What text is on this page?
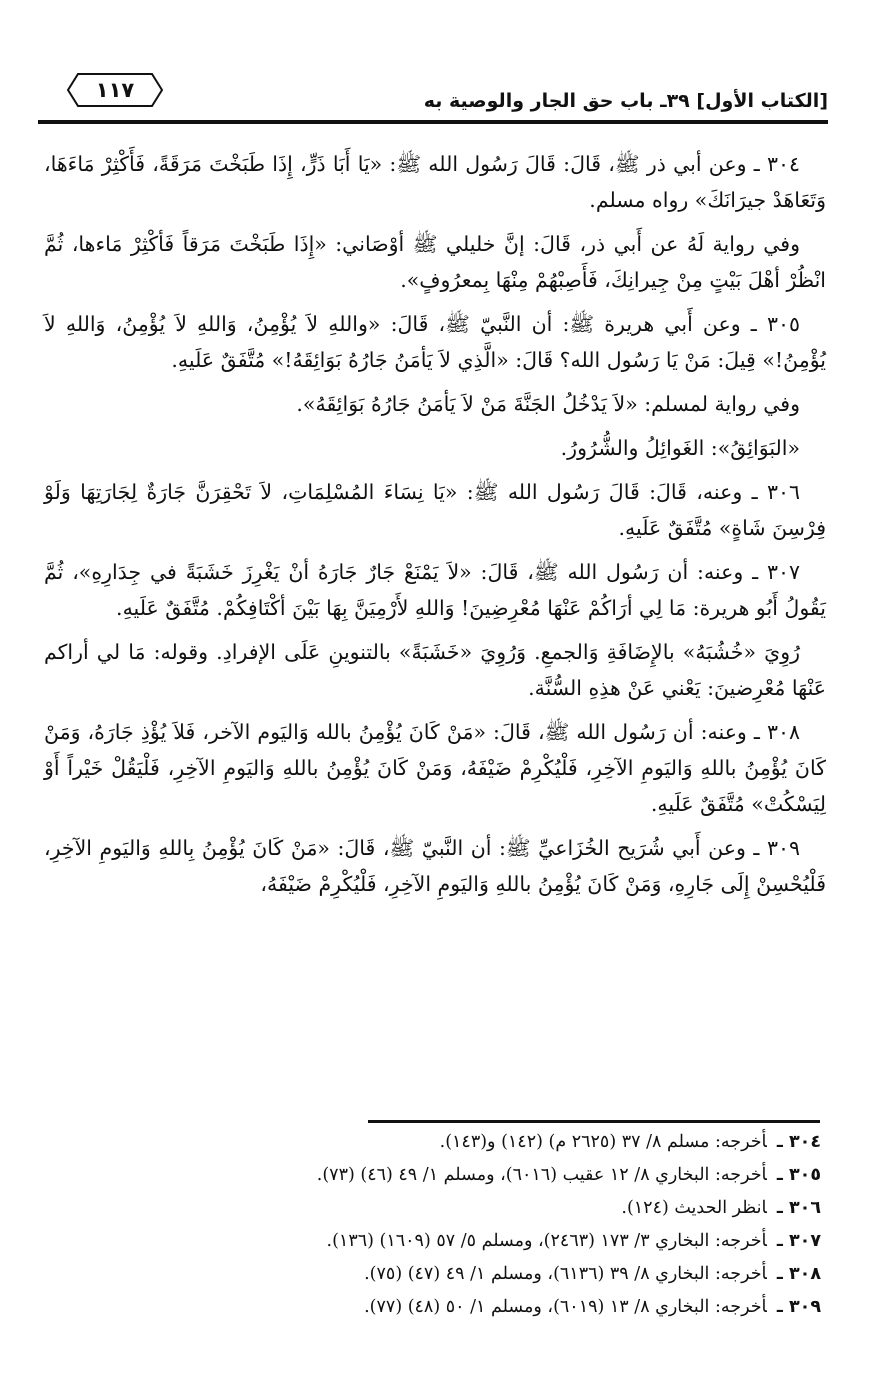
[الكتاب الأول] ٣٩ـ باب حق الجار والوصية به
١١٧

٣٠٤ ـ وعن أبي ذر ﷺ، قَالَ: قَالَ رَسُول الله ﷺ: «يَا أَبَا ذَرٍّ، إِذَا طَبَخْتَ مَرَقَةً، فَأَكْثِرْ مَاءَهَا، وَتَعَاهَدْ جيرَانَكَ» رواه مسلم.

وفي رواية لَهُ عن أَبي ذر، قَالَ: إنَّ خليلي ﷺ أوْصَاني: «إِذَا طَبَخْتَ مَرَقاً فَأكْثِرْ مَاءها، ثُمَّ انْظُرْ أهْلَ بَيْتٍ مِنْ جِيرانِكَ، فَأَصِبْهُمْ مِنْهَا بِمعرُوفٍ».

٣٠٥ ـ وعن أَبي هريرة ﷺ: أن النَّبيّ ﷺ، قَالَ: «واللهِ لاَ يُؤْمِنُ، وَاللهِ لاَ يُؤْمِنُ، وَاللهِ لاَ يُؤْمِنُ!» قِيلَ: مَنْ يَا رَسُول الله؟ قَالَ: «الَّذِي لاَ يَأمَنُ جَارُهُ بَوَائِقَهُ!» مُتَّفَقٌ عَلَيهِ.

وفي رواية لمسلم: «لاَ يَدْخُلُ الجَنَّةَ مَنْ لاَ يَأمَنُ جَارُهُ بَوَائِقَهُ».

«البَوَائِقُ»: الغَوائِلُ والشُّرُورُ.

٣٠٦ ـ وعنه، قَالَ: قَالَ رَسُول الله ﷺ: «يَا نِسَاءَ المُسْلِمَاتِ، لاَ تَحْقِرَنَّ جَارَةٌ لِجَارَتِهَا وَلَوْ فِرْسِنَ شَاةٍ» مُتَّفَقٌ عَلَيهِ.

٣٠٧ ـ وعنه: أن رَسُول الله ﷺ، قَالَ: «لاَ يَمْنَعْ جَارٌ جَارَهُ أنْ يَغْرِزَ خَشَبَةً في جِدَارِهِ»، ثُمَّ يَقُولُ أَبُو هريرة: مَا لِي أرَاكُمْ عَنْهَا مُعْرِضِينَ! وَاللهِ لأَرْمِيَنَّ بِهَا بَيْنَ أكْتَافِكُمْ. مُتَّفَقٌ عَلَيهِ.

رُوِيَ «خُشُبَهُ» بالإِضَافَةِ وَالجمعِ. وَرُوِيَ «خَشَبَةً» بالتنوينِ عَلَى الإفرادِ. وقوله: مَا لي أراكم عَنْهَا مُعْرِضينَ: يَعْني عَنْ هذِهِ السُّنَّة.

٣٠٨ ـ وعنه: أن رَسُول الله ﷺ، قَالَ: «مَنْ كَانَ يُؤْمِنُ بالله وَاليَوم الآخر، فَلاَ يُؤْذِ جَارَهُ، وَمَنْ كَانَ يُؤْمِنُ باللهِ وَاليَومِ الآخِرِ، فَلْيُكْرِمْ ضَيْفَهُ، وَمَنْ كَانَ يُؤْمِنُ باللهِ وَاليَومِ الآخِرِ، فَلْيَقُلْ خَيْراً أَوْ لِيَسْكُتْ» مُتَّفَقٌ عَلَيهِ.

٣٠٩ ـ وعن أَبي شُرَيح الخُزَاعيِّ ﷺ: أن النَّبيّ ﷺ، قَالَ: «مَنْ كَانَ يُؤْمِنُ بِاللهِ وَاليَومِ الآخِرِ، فَلْيُحْسِنْ إِلَى جَارِهِ، وَمَنْ كَانَ يُؤْمِنُ باللهِ وَاليَومِ الآخِرِ، فَلْيُكْرِمْ ضَيْفَهُ،

٣٠٤ ـأخرجه: مسلم ٨/ ٣٧ (٢٦٢٥ م) (١٤٢) و(١٤٣).
٣٠٥ ـأخرجه: البخاري ٨/ ١٢ عقيب (٦٠١٦)، ومسلم ١/ ٤٩ (٤٦) (٧٣).
٣٠٦ ـانظر الحديث (١٢٤).
٣٠٧ ـأخرجه: البخاري ٣/ ١٧٣ (٢٤٦٣)، ومسلم ٥/ ٥٧ (١٦٠٩) (١٣٦).
٣٠٨ ـأخرجه: البخاري ٨/ ٣٩ (٦١٣٦)، ومسلم ١/ ٤٩ (٤٧) (٧٥).
٣٠٩ ـأخرجه: البخاري ٨/ ١٣ (٦٠١٩)، ومسلم ١/ ٥٠ (٤٨) (٧٧).
